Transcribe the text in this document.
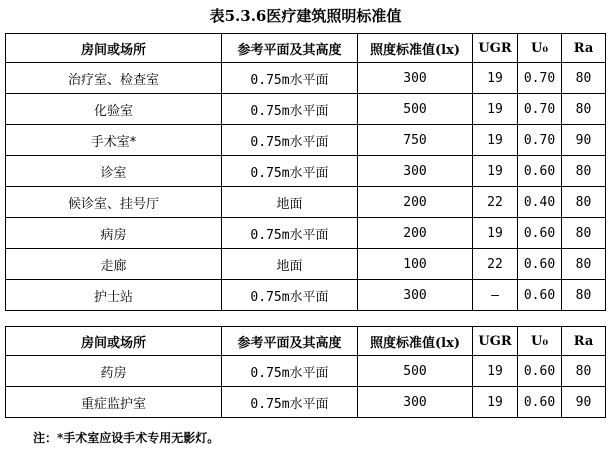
表5.3.6医疗建筑照明标准值
房间或场所	参考平面及其高度	照度标准值(lx)	UGR	U₀	Ra
治疗室、检查室	0.75m水平面	300	19	0.70	80
化验室	0.75m水平面	500	19	0.70	80
手术室*	0.75m水平面	750	19	0.70	90
诊室	0.75m水平面	300	19	0.60	80
候诊室、挂号厅	地面	200	22	0.40	80
病房	0.75m水平面	200	19	0.60	80
走廊	地面	100	22	0.60	80
护士站	0.75m水平面	300	—	0.60	80
房间或场所	参考平面及其高度	照度标准值(lx)	UGR	U₀	Ra
药房	0.75m水平面	500	19	0.60	80
重症监护室	0.75m水平面	300	19	0.60	90
注：*手术室应设手术专用无影灯。
